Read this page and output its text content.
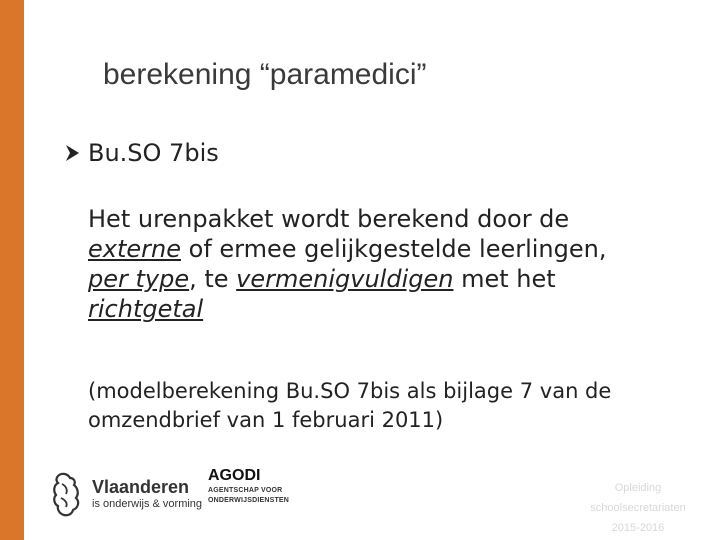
berekening “paramedici”
Bu.SO 7bis
Het urenpakket wordt berekend door de
externe of ermee gelijkgestelde leerlingen,
per type, te vermenigvuldigen met het
richtgetal
(modelberekening Bu.SO 7bis als bijlage 7 van de
omzendbrief van 1 februari 2011)
Vlaanderen
is onderwijs & vorming
AGODI
AGENTSCHAP VOOR
ONDERWIJSDIENSTEN
Opleiding
schoolsecretariaten
2015-2016
